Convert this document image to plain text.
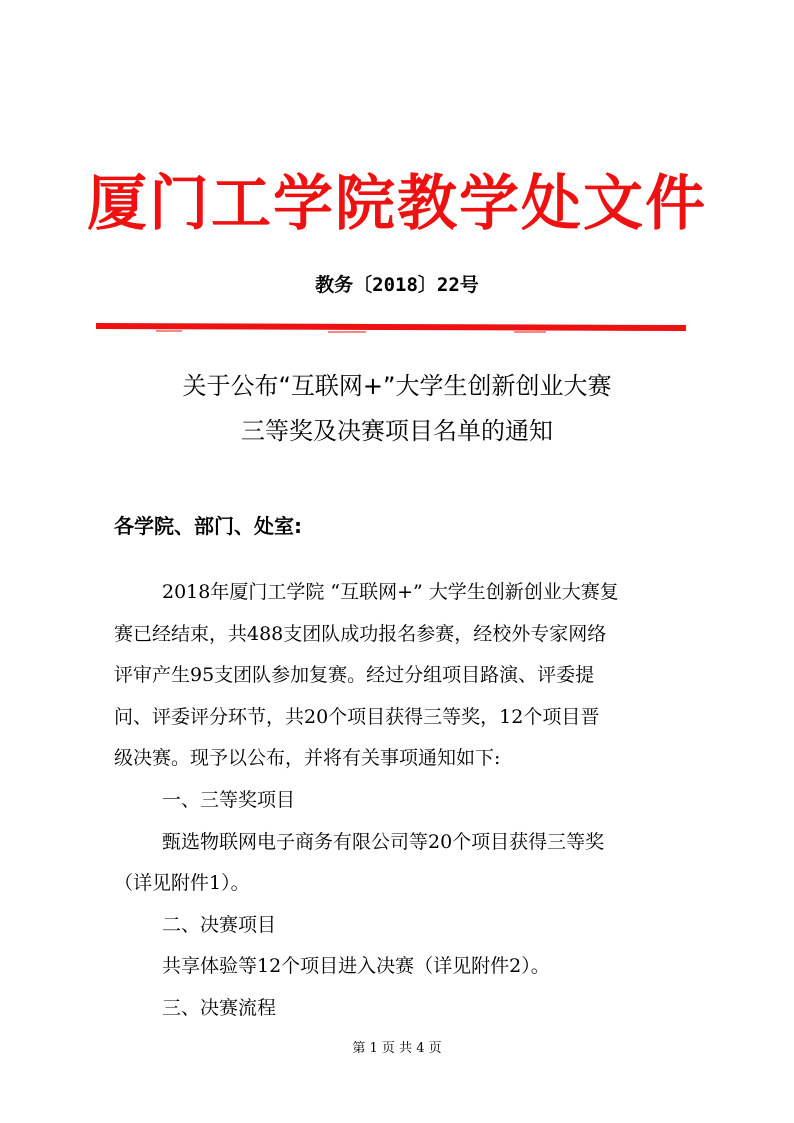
厦门工学院教学处文件
教务〔2018〕22号
关于公布“互联网+”大学生创新创业大赛
三等奖及决赛项目名单的通知
各学院、部门、处室:
2018年厦门工学院 “互联网+” 大学生创新创业大赛复
赛已经结束，共488支团队成功报名参赛，经校外专家网络
评审产生95支团队参加复赛。经过分组项目路演、评委提
问、评委评分环节，共20个项目获得三等奖，12个项目晋
级决赛。现予以公布，并将有关事项通知如下:
一、三等奖项目
甄选物联网电子商务有限公司等20个项目获得三等奖
（详见附件1）。
二、决赛项目
共享体验等12个项目进入决赛（详见附件2）。
三、决赛流程
第 1 页 共 4 页
